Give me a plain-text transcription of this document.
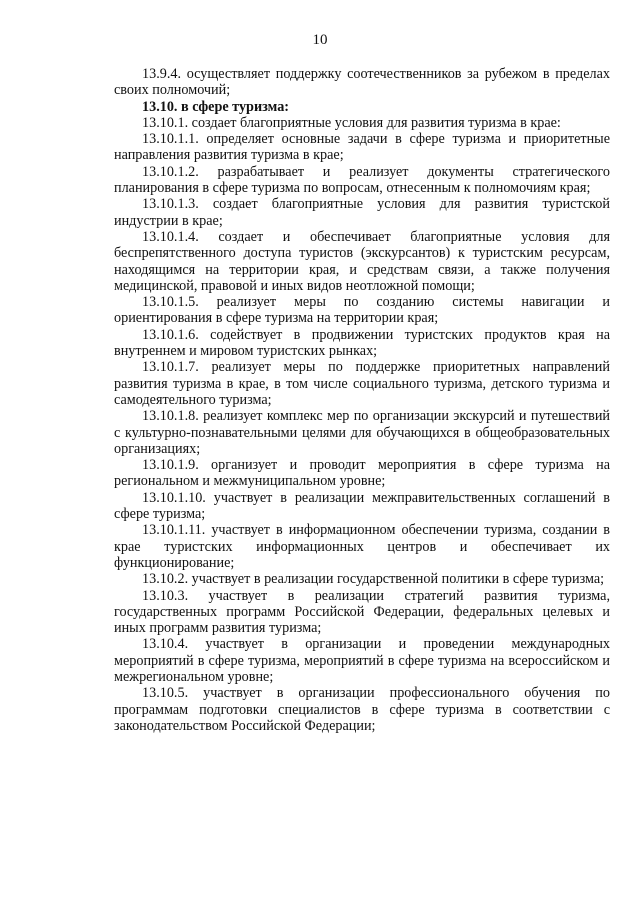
10

13.9.4. осуществляет поддержку соотечественников за рубежом в пределах своих полномочий;

13.10. в сфере туризма:

13.10.1. создает благоприятные условия для развития туризма в крае:

13.10.1.1. определяет основные задачи в сфере туризма и приоритетные направления развития туризма в крае;

13.10.1.2. разрабатывает и реализует документы стратегического планирования в сфере туризма по вопросам, отнесенным к полномочиям края;

13.10.1.3. создает благоприятные условия для развития туристской индустрии в крае;

13.10.1.4. создает и обеспечивает благоприятные условия для беспрепятственного доступа туристов (экскурсантов) к туристским ресурсам, находящимся на территории края, и средствам связи, а также получения медицинской, правовой и иных видов неотложной помощи;

13.10.1.5. реализует меры по созданию системы навигации и ориентирования в сфере туризма на территории края;

13.10.1.6. содействует в продвижении туристских продуктов края на внутреннем и мировом туристских рынках;

13.10.1.7. реализует меры по поддержке приоритетных направлений развития туризма в крае, в том числе социального туризма, детского туризма и самодеятельного туризма;

13.10.1.8. реализует комплекс мер по организации экскурсий и путешествий с культурно-познавательными целями для обучающихся в общеобразовательных организациях;

13.10.1.9. организует и проводит мероприятия в сфере туризма на региональном и межмуниципальном уровне;

13.10.1.10. участвует в реализации межправительственных соглашений в сфере туризма;

13.10.1.11. участвует в информационном обеспечении туризма, создании в крае туристских информационных центров и обеспечивает их функционирование;

13.10.2. участвует в реализации государственной политики в сфере туризма;

13.10.3. участвует в реализации стратегий развития туризма, государственных программ Российской Федерации, федеральных целевых и иных программ развития туризма;

13.10.4. участвует в организации и проведении международных мероприятий в сфере туризма, мероприятий в сфере туризма на всероссийском и межрегиональном уровне;

13.10.5. участвует в организации профессионального обучения по программам подготовки специалистов в сфере туризма в соответствии с законодательством Российской Федерации;
